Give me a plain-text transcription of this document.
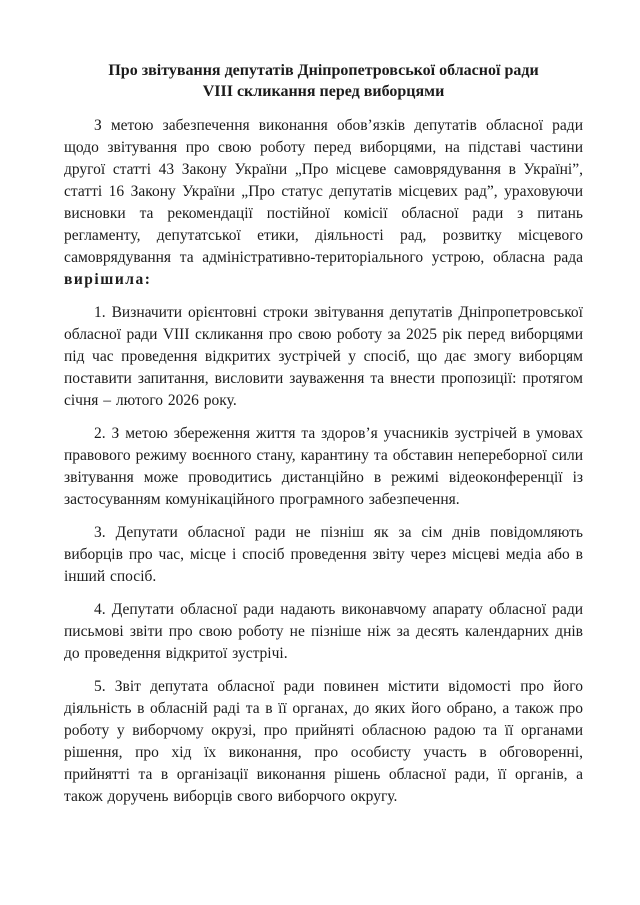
Про звітування депутатів Дніпропетровської обласної ради
VIII скликання перед виборцями

З метою забезпечення виконання обов’язків депутатів обласної ради щодо звітування про свою роботу перед виборцями, на підставі частини другої статті 43 Закону України „Про місцеве самоврядування в Україні”, статті 16 Закону України „Про статус депутатів місцевих рад”, ураховуючи висновки та рекомендації постійної комісії обласної ради з питань регламенту, депутатської етики, діяльності рад, розвитку місцевого самоврядування та адміністративно-територіального устрою, обласна рада вирішила:

1. Визначити орієнтовні строки звітування депутатів Дніпропетровської обласної ради VIII скликання про свою роботу за 2025 рік перед виборцями під час проведення відкритих зустрічей у спосіб, що дає змогу виборцям поставити запитання, висловити зауваження та внести пропозиції: протягом січня – лютого 2026 року.

2. З метою збереження життя та здоров’я учасників зустрічей в умовах правового режиму воєнного стану, карантину та обставин непереборної сили звітування може проводитись дистанційно в режимі відеоконференції із застосуванням комунікаційного програмного забезпечення.

3. Депутати обласної ради не пізніш як за сім днів повідомляють виборців про час, місце і спосіб проведення звіту через місцеві медіа або в інший спосіб.

4. Депутати обласної ради надають виконавчому апарату обласної ради письмові звіти про свою роботу не пізніше ніж за десять календарних днів до проведення відкритої зустрічі.

5. Звіт депутата обласної ради повинен містити відомості про його діяльність в обласній раді та в її органах, до яких його обрано, а також про роботу у виборчому окрузі, про прийняті обласною радою та її органами рішення, про хід їх виконання, про особисту участь в обговоренні, прийнятті та в організації виконання рішень обласної ради, її органів, а також доручень виборців свого виборчого округу.
